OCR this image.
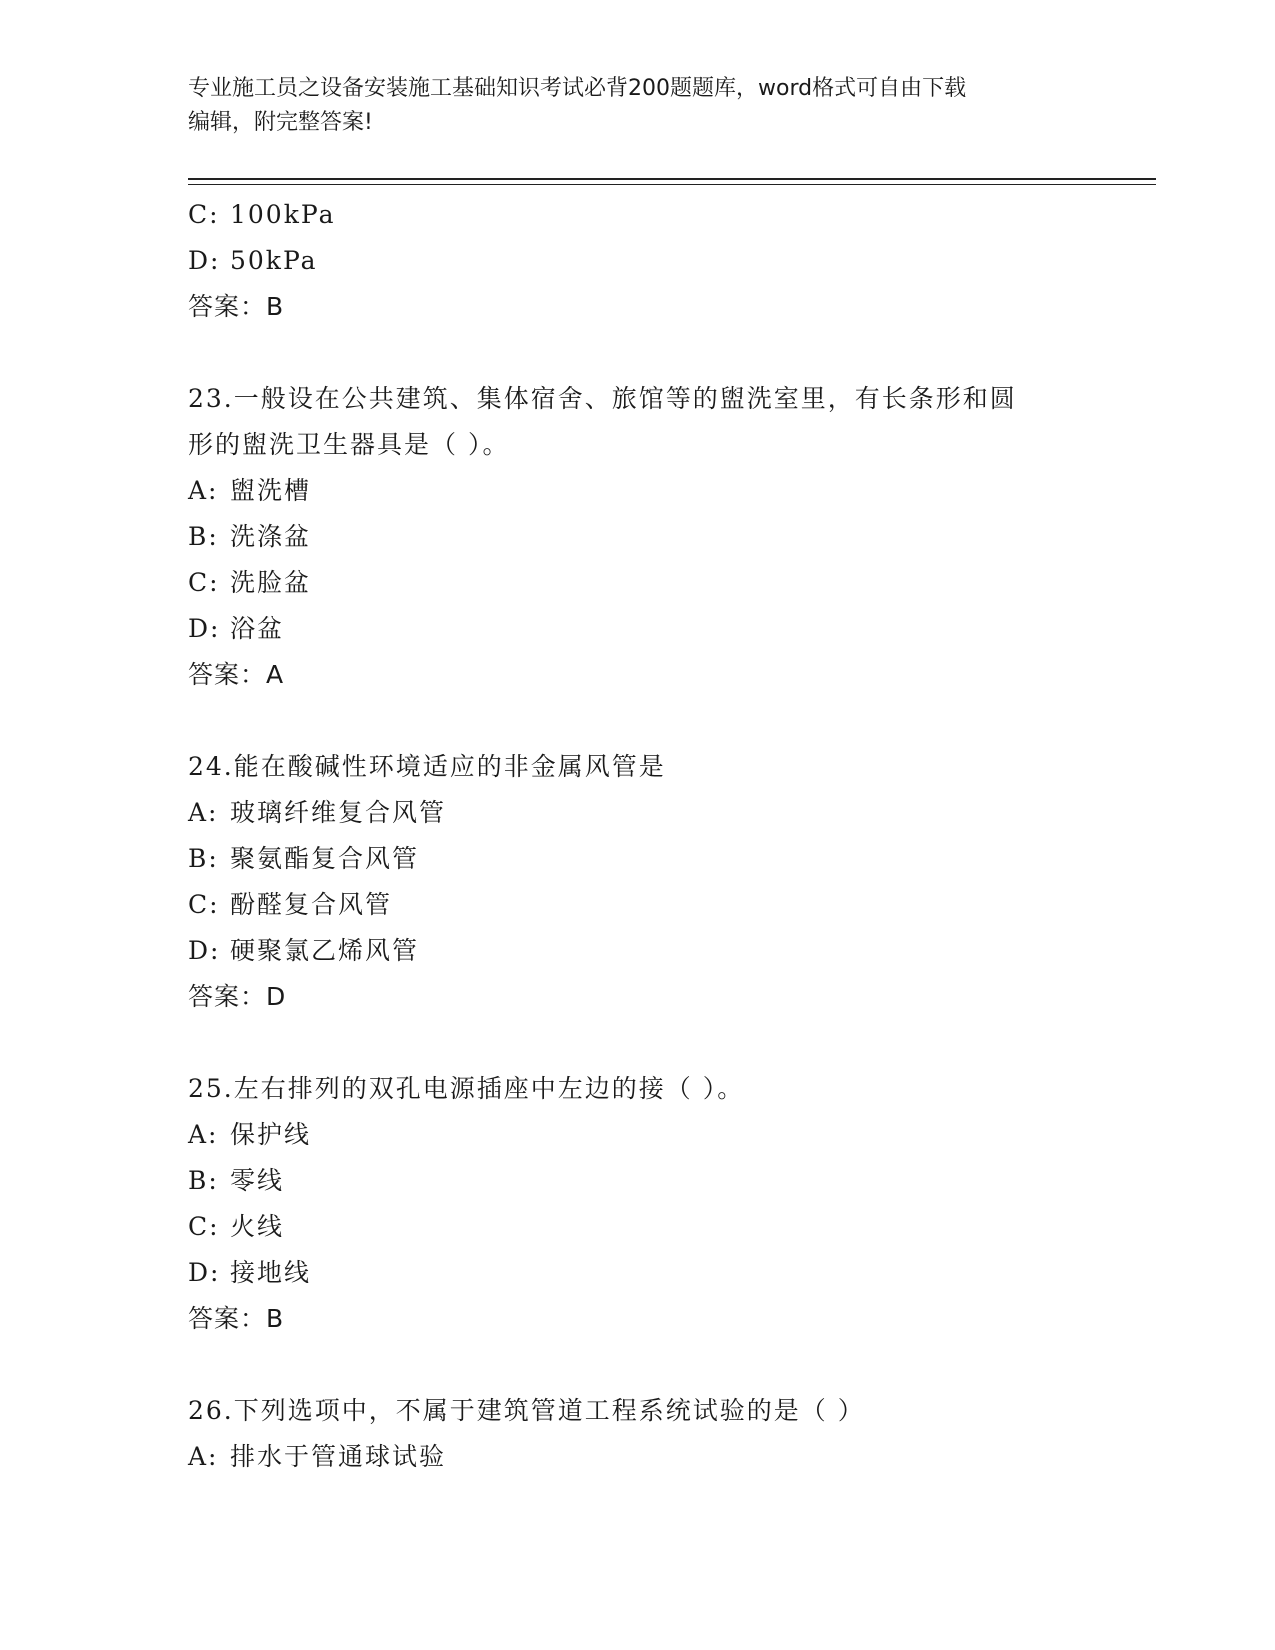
专业施工员之设备安装施工基础知识考试必背200题题库，word格式可自由下载

编辑，附完整答案!
C: 100kPa
D: 50kPa
答案：B
23.一般设在公共建筑、集体宿舍、旅馆等的盥洗室里，有长条形和圆
形的盥洗卫生器具是（ ）。
A: 盥洗槽
B: 洗涤盆
C: 洗脸盆
D: 浴盆
答案：A
24.能在酸碱性环境适应的非金属风管是
A: 玻璃纤维复合风管
B: 聚氨酯复合风管
C: 酚醛复合风管
D: 硬聚氯乙烯风管
答案：D
25.左右排列的双孔电源插座中左边的接（ ）。
A: 保护线
B: 零线
C: 火线
D: 接地线
答案：B
26.下列选项中，不属于建筑管道工程系统试验的是（ ）
A: 排水于管通球试验
